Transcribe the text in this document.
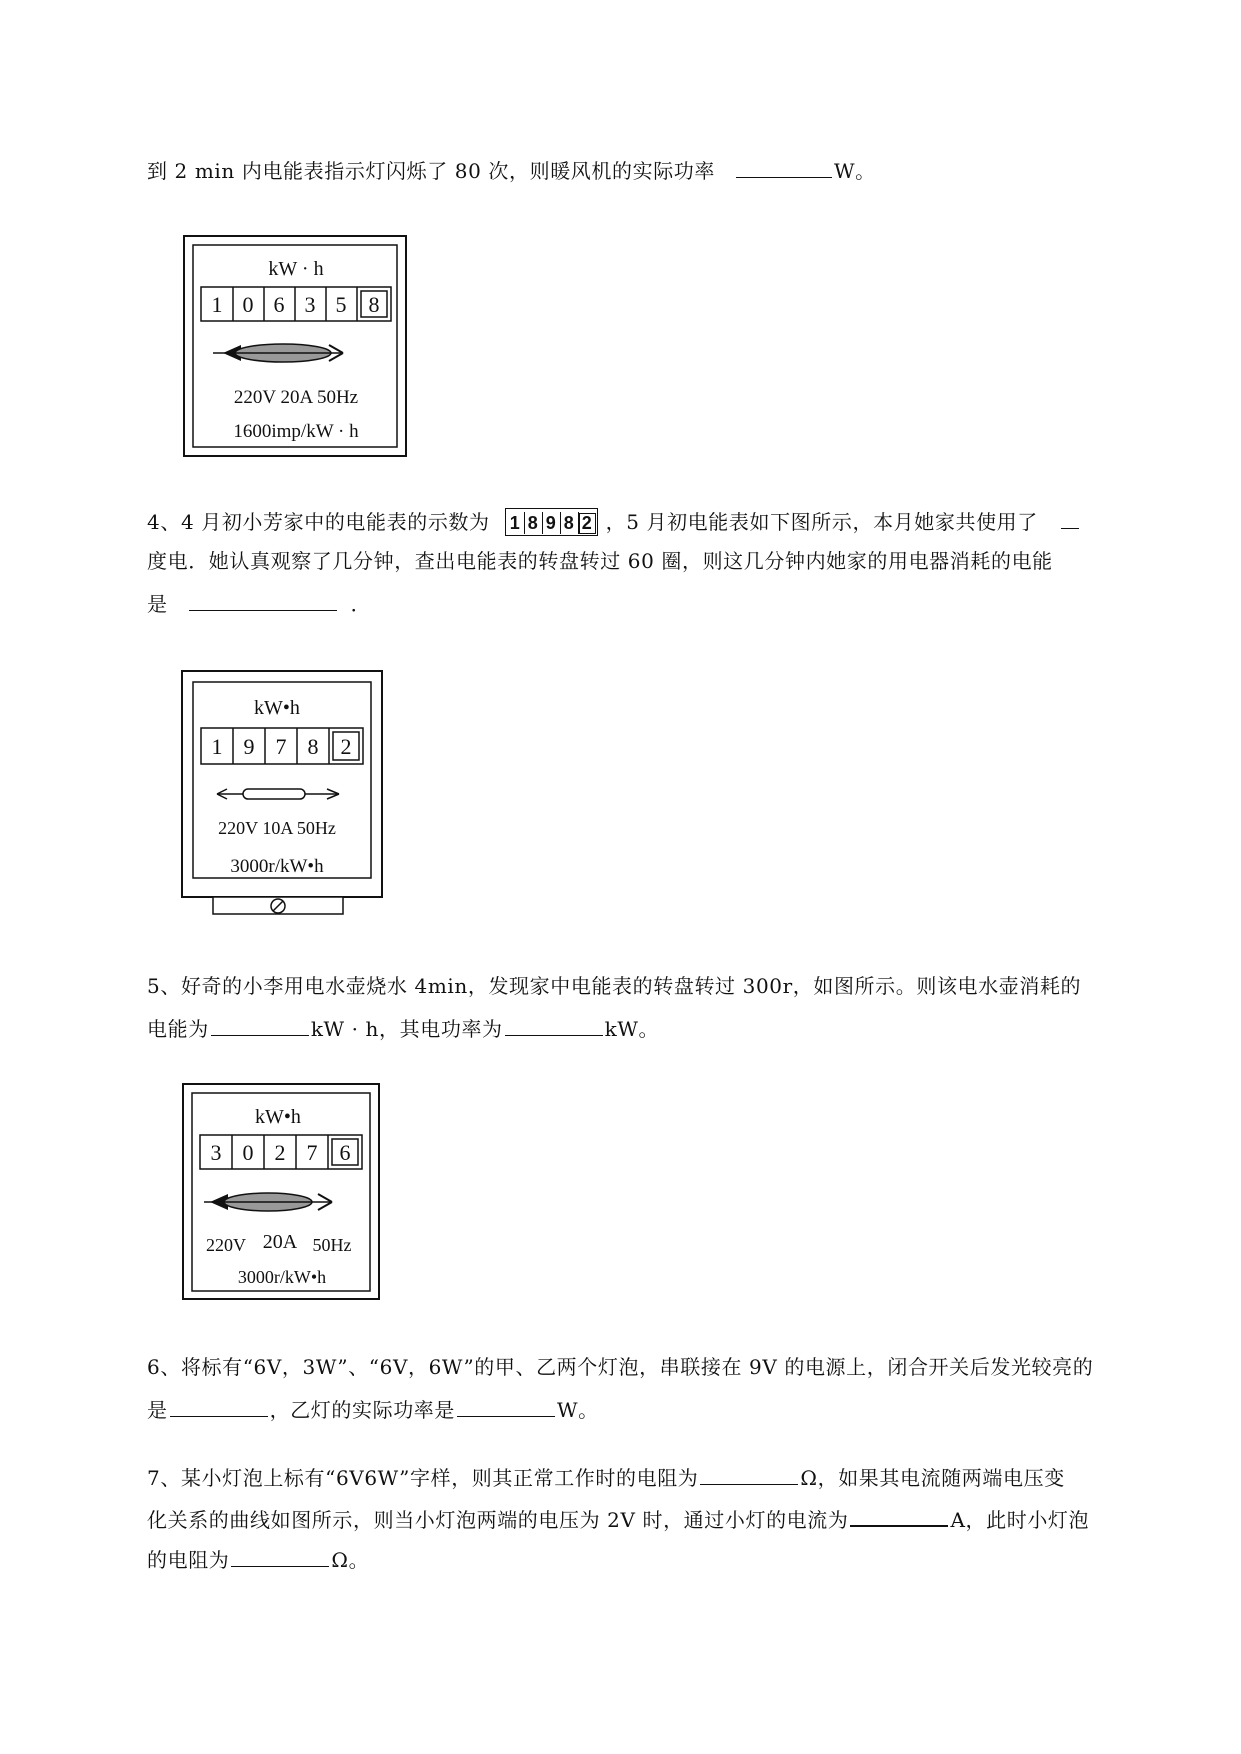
到 2 min 内电能表指示灯闪烁了 80 次，则暖风机的实际功率	W。
kW · h
1 0 6 3 5 8
220V 20A 50Hz
1600imp/kW · h
4、4 月初小芳家中的电能表的示数为 1 8 9 8 2 ，5 月初电能表如下图所示，本月她家共使用了
度电．她认真观察了几分钟，查出电能表的转盘转过 60 圈，则这几分钟内她家的用电器消耗的电能
是	．
kW•h
1 9 7 8 2
220V 10A 50Hz
3000r/kW•h
5、好奇的小李用电水壶烧水 4min，发现家中电能表的转盘转过 300r，如图所示。则该电水壶消耗的
电能为	kW · h，其电功率为	kW。
kW•h
3 0 2 7 6
220V 20A 50Hz
3000r/kW•h
6、将标有“6V，3W”、“6V，6W”的甲、乙两个灯泡，串联接在 9V 的电源上，闭合开关后发光较亮的
是	，乙灯的实际功率是	W。
7、某小灯泡上标有“6V6W”字样，则其正常工作时的电阻为	Ω，如果其电流随两端电压变
化关系的曲线如图所示，则当小灯泡两端的电压为 2V 时，通过小灯的电流为	A，此时小灯泡
的电阻为	Ω。
